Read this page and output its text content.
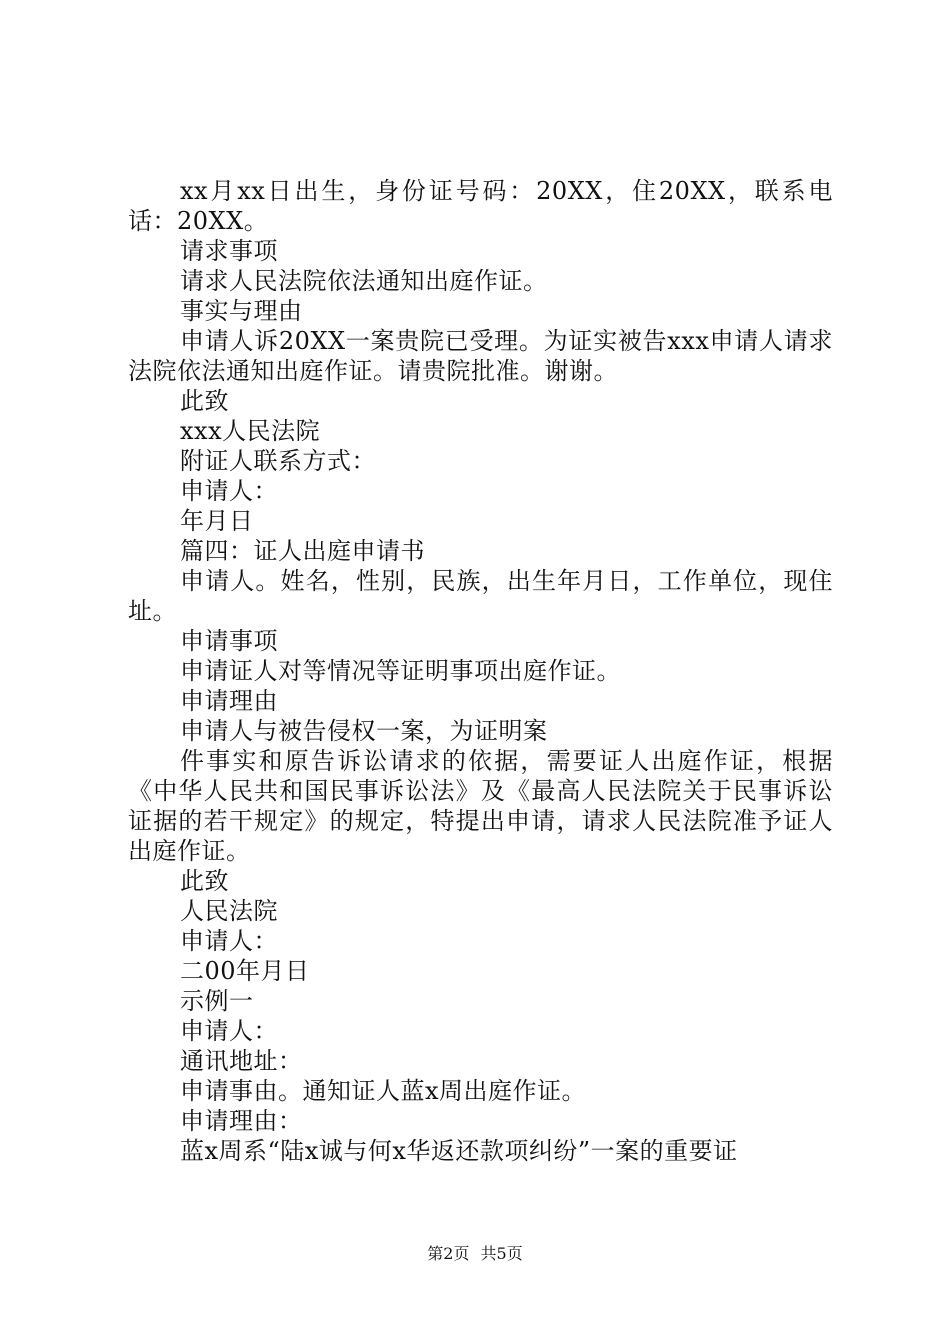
xx月xx日出生，身份证号码：20XX，住20XX，联系电话：20XX。

请求事项

请求人民法院依法通知出庭作证。

事实与理由

申请人诉20XX一案贵院已受理。为证实被告xxx申请人请求法院依法通知出庭作证。请贵院批准。谢谢。

此致

xxx人民法院

附证人联系方式：

申请人：

年月日

篇四：证人出庭申请书

申请人。姓名，性别，民族，出生年月日，工作单位，现住址。

申请事项

申请证人对等情况等证明事项出庭作证。

申请理由

申请人与被告侵权一案，为证明案

件事实和原告诉讼请求的依据，需要证人出庭作证，根据《中华人民共和国民事诉讼法》及《最高人民法院关于民事诉讼证据的若干规定》的规定，特提出申请，请求人民法院准予证人出庭作证。

此致

人民法院

申请人：

二00年月日

示例一

申请人：

通讯地址：

申请事由。通知证人蓝x周出庭作证。

申请理由：

蓝x周系“陆x诚与何x华返还款项纠纷”一案的重要证

第2页 共5页
